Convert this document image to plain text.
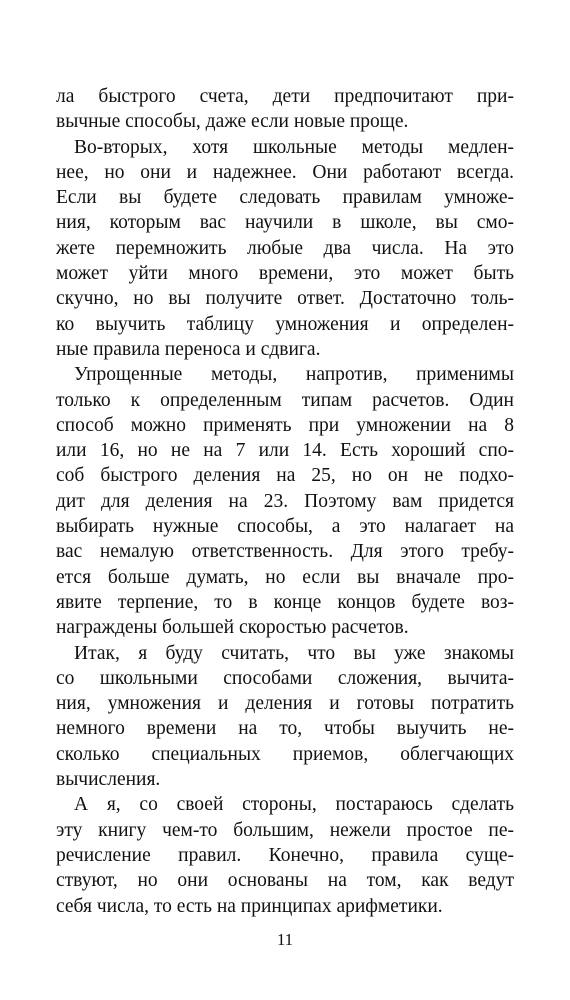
ла быстрого счета, дети предпочитают при-
вычные способы, даже если новые проще.
Во-вторых, хотя школьные методы медлен-
нее, но они и надежнее. Они работают всегда.
Если вы будете следовать правилам умноже-
ния, которым вас научили в школе, вы смо-
жете перемножить любые два числа. На это
может уйти много времени, это может быть
скучно, но вы получите ответ. Достаточно толь-
ко выучить таблицу умножения и определен-
ные правила переноса и сдвига.
Упрощенные методы, напротив, применимы
только к определенным типам расчетов. Один
способ можно применять при умножении на 8
или 16, но не на 7 или 14. Есть хороший спо-
соб быстрого деления на 25, но он не подхо-
дит для деления на 23. Поэтому вам придется
выбирать нужные способы, а это налагает на
вас немалую ответственность. Для этого требу-
ется больше думать, но если вы вначале про-
явите терпение, то в конце концов будете воз-
награждены большей скоростью расчетов.
Итак, я буду считать, что вы уже знакомы
со школьными способами сложения, вычита-
ния, умножения и деления и готовы потратить
немного времени на то, чтобы выучить не-
сколько специальных приемов, облегчающих
вычисления.
А я, со своей стороны, постараюсь сделать
эту книгу чем-то большим, нежели простое пе-
речисление правил. Конечно, правила суще-
ствуют, но они основаны на том, как ведут
себя числа, то есть на принципах арифметики.
11
